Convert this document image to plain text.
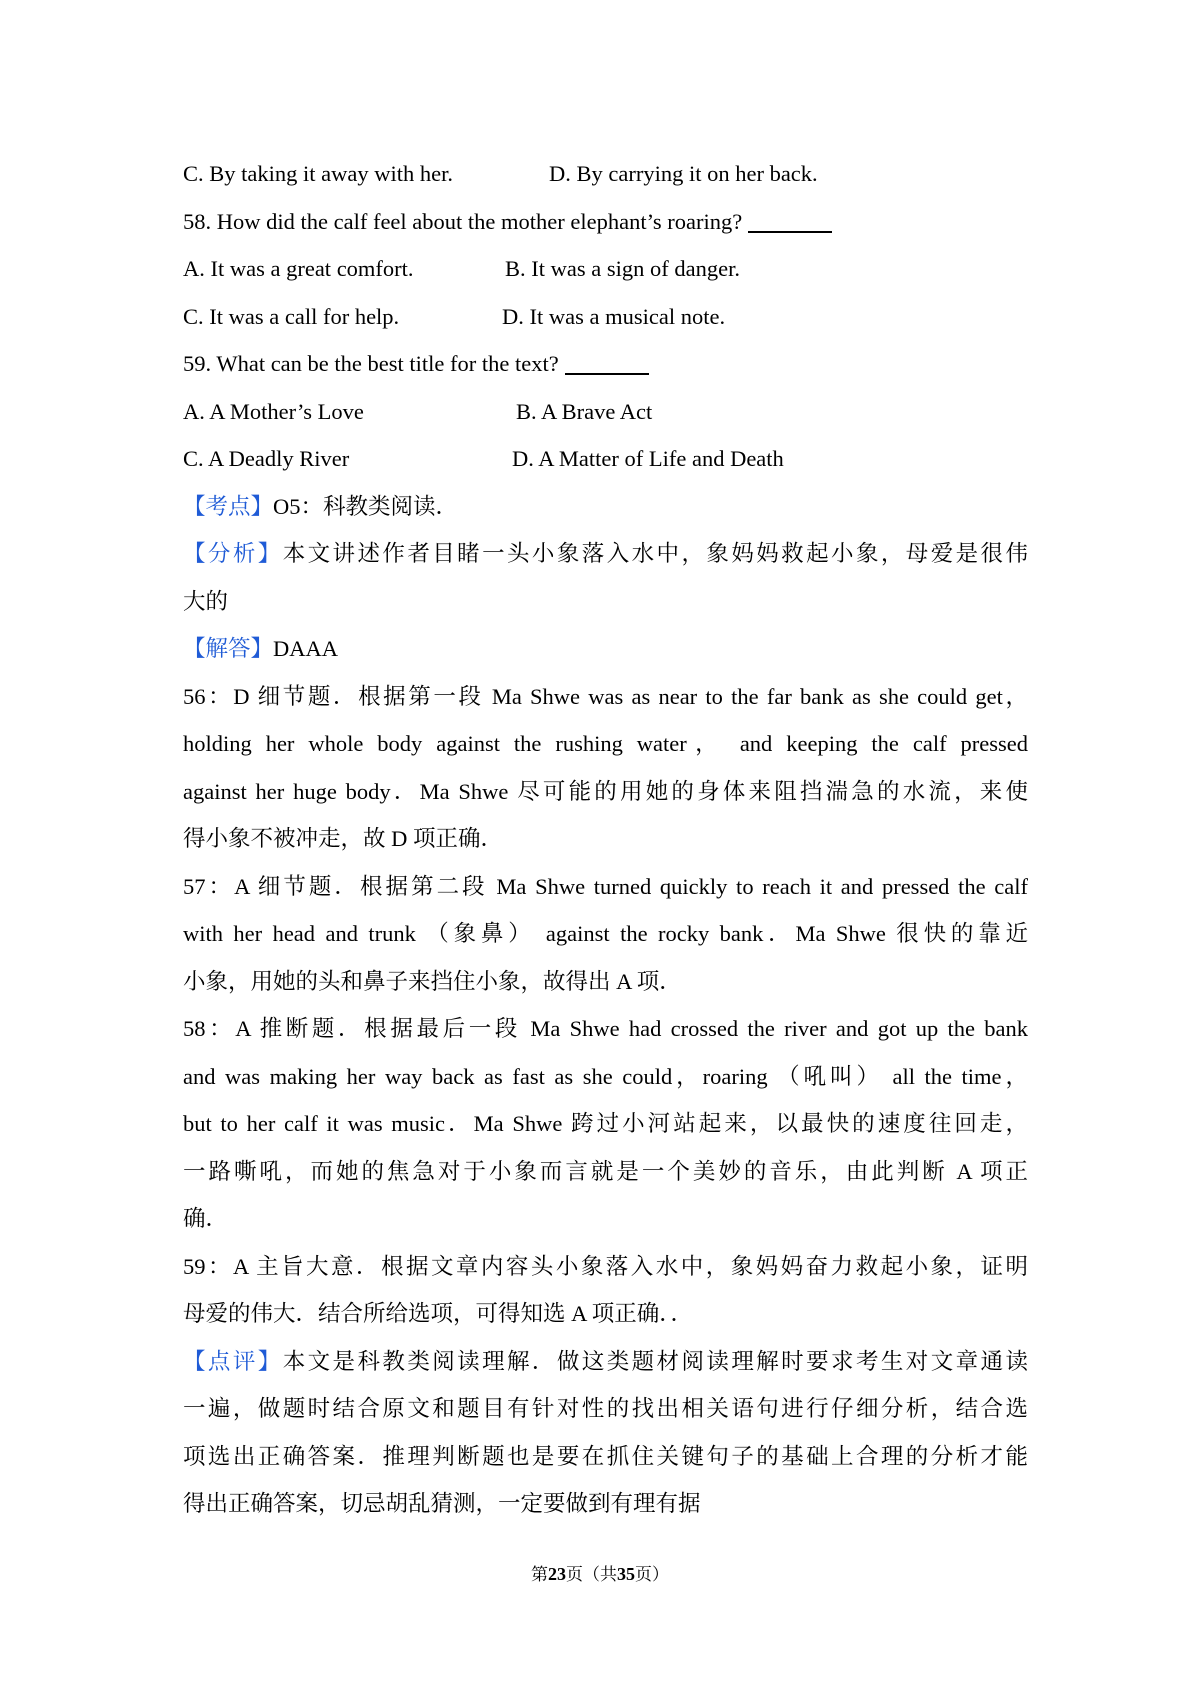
C. By taking it away with her.	D. By carrying it on her back.
58. How did the calf feel about the mother elephant’s roaring?
A. It was a great comfort.	B. It was a sign of danger.
C. It was a call for help.	D. It was a musical note.
59. What can be the best title for the text?
A. A Mother’s Love	B. A Brave Act
C. A Deadly River	D. A Matter of Life and Death
【考点】O5：科教类阅读．
【分析】本文讲述作者目睹一头小象落入水中，象妈妈救起小象，母爱是很伟
大的
【解答】DAAA
56：D 细节题．根据第一段 Ma Shwe was as near to the far bank as she could get，
holding her whole body against the rushing water， and keeping the calf pressed
against her huge body．Ma Shwe 尽可能的用她的身体来阻挡湍急的水流，来使
得小象不被冲走，故 D 项正确．
57：A 细节题．根据第二段 Ma Shwe turned quickly to reach it and pressed the calf
with her head and trunk （象鼻） against the rocky bank．Ma Shwe 很快的靠近
小象，用她的头和鼻子来挡住小象，故得出 A 项．
58：A 推断题．根据最后一段 Ma Shwe had crossed the river and got up the bank
and was making her way back as fast as she could，roaring （吼叫） all the time，
but to her calf it was music．Ma Shwe 跨过小河站起来，以最快的速度往回走，
一路嘶吼，而她的焦急对于小象而言就是一个美妙的音乐，由此判断 A 项正
确．
59：A 主旨大意．根据文章内容头小象落入水中，象妈妈奋力救起小象，证明
母爱的伟大．结合所给选项，可得知选 A 项正确．．
【点评】本文是科教类阅读理解．做这类题材阅读理解时要求考生对文章通读
一遍，做题时结合原文和题目有针对性的找出相关语句进行仔细分析，结合选
项选出正确答案．推理判断题也是要在抓住关键句子的基础上合理的分析才能
得出正确答案，切忌胡乱猜测，一定要做到有理有据
第23页（共35页）
